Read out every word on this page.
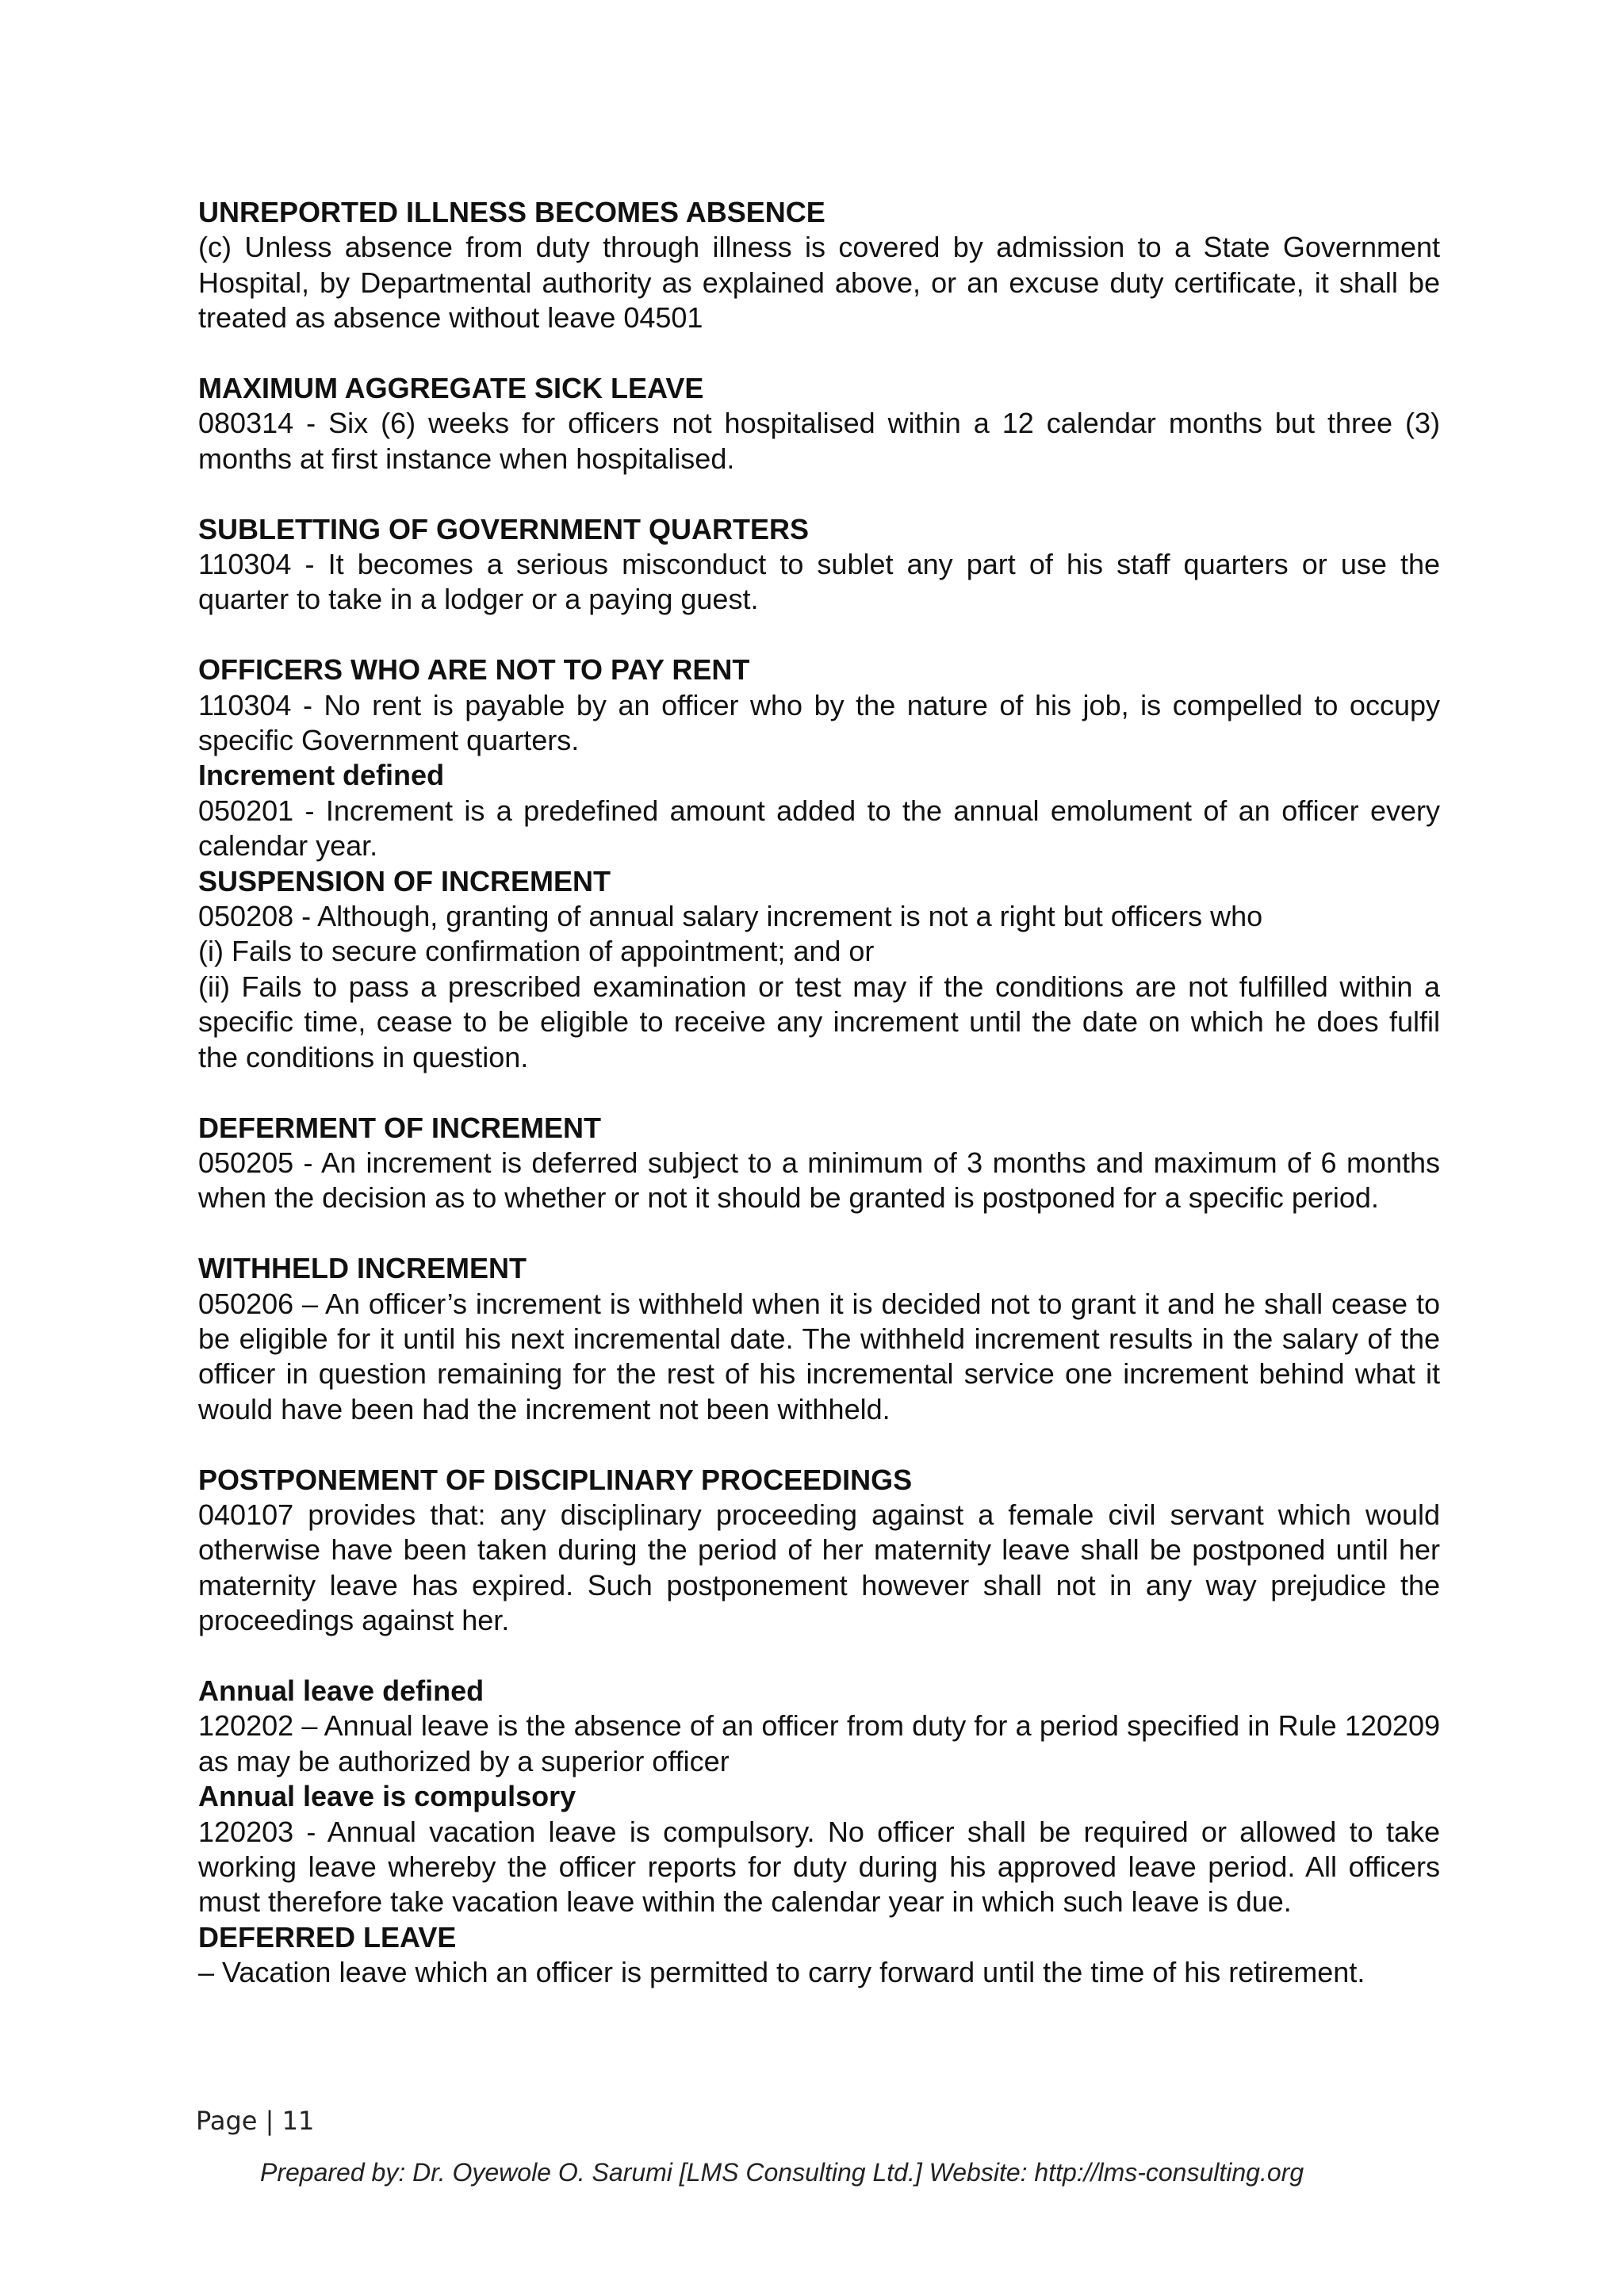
UNREPORTED ILLNESS BECOMES ABSENCE

(c) Unless absence from duty through illness is covered by admission to a State Government Hospital, by Departmental authority as explained above, or an excuse duty certificate, it shall be treated as absence without leave 04501

MAXIMUM AGGREGATE SICK LEAVE

080314 - Six (6) weeks for officers not hospitalised within a 12 calendar months but three (3) months at first instance when hospitalised.

SUBLETTING OF GOVERNMENT QUARTERS

110304 - It becomes a serious misconduct to sublet any part of his staff quarters or use the quarter to take in a lodger or a paying guest.

OFFICERS WHO ARE NOT TO PAY RENT

110304 - No rent is payable by an officer who by the nature of his job, is compelled to occupy specific Government quarters.

Increment defined

050201 - Increment is a predefined amount added to the annual emolument of an officer every calendar year.

SUSPENSION OF INCREMENT

050208 - Although, granting of annual salary increment is not a right but officers who

(i) Fails to secure confirmation of appointment; and or

(ii) Fails to pass a prescribed examination or test may if the conditions are not fulfilled within a specific time, cease to be eligible to receive any increment until the date on which he does fulfil the conditions in question.

DEFERMENT OF INCREMENT

050205 - An increment is deferred subject to a minimum of 3 months and maximum of 6 months when the decision as to whether or not it should be granted is postponed for a specific period.

WITHHELD INCREMENT

050206 – An officer’s increment is withheld when it is decided not to grant it and he shall cease to be eligible for it until his next incremental date. The withheld increment results in the salary of the officer in question remaining for the rest of his incremental service one increment behind what it would have been had the increment not been withheld.

POSTPONEMENT OF DISCIPLINARY PROCEEDINGS

040107 provides that: any disciplinary proceeding against a female civil servant which would otherwise have been taken during the period of her maternity leave shall be postponed until her maternity leave has expired. Such postponement however shall not in any way prejudice the proceedings against her.

Annual leave defined

120202 – Annual leave is the absence of an officer from duty for a period specified in Rule 120209 as may be authorized by a superior officer

Annual leave is compulsory

120203 - Annual vacation leave is compulsory. No officer shall be required or allowed to take working leave whereby the officer reports for duty during his approved leave period. All officers must therefore take vacation leave within the calendar year in which such leave is due.

DEFERRED LEAVE

– Vacation leave which an officer is permitted to carry forward until the time of his retirement.

Page | 11
Prepared by: Dr. Oyewole O. Sarumi [LMS Consulting Ltd.] Website: http://lms-consulting.org
